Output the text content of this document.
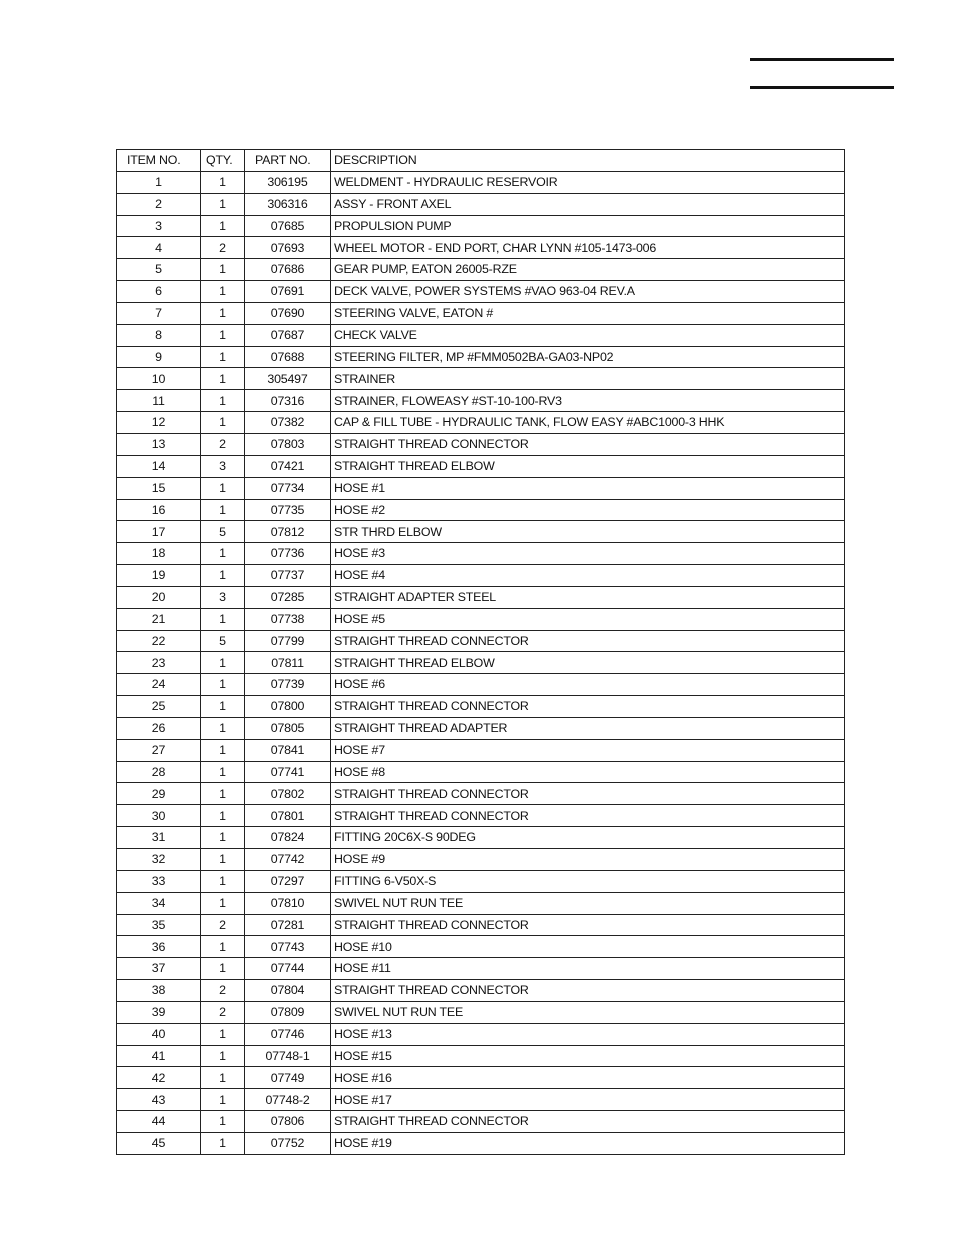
ITEM NO.	QTY.	PART NO.	DESCRIPTION
1	1	306195	WELDMENT - HYDRAULIC RESERVOIR
2	1	306316	ASSY - FRONT AXEL
3	1	07685	PROPULSION PUMP
4	2	07693	WHEEL MOTOR - END PORT, CHAR LYNN #105-1473-006
5	1	07686	GEAR PUMP, EATON 26005-RZE
6	1	07691	DECK VALVE, POWER SYSTEMS #VAO 963-04 REV.A
7	1	07690	STEERING VALVE, EATON #
8	1	07687	CHECK VALVE
9	1	07688	STEERING FILTER, MP #FMM0502BA-GA03-NP02
10	1	305497	STRAINER
11	1	07316	STRAINER, FLOWEASY #ST-10-100-RV3
12	1	07382	CAP & FILL TUBE - HYDRAULIC TANK, FLOW EASY #ABC1000-3 HHK
13	2	07803	STRAIGHT THREAD CONNECTOR
14	3	07421	STRAIGHT THREAD ELBOW
15	1	07734	HOSE #1
16	1	07735	HOSE #2
17	5	07812	STR THRD ELBOW
18	1	07736	HOSE #3
19	1	07737	HOSE #4
20	3	07285	STRAIGHT ADAPTER STEEL
21	1	07738	HOSE #5
22	5	07799	STRAIGHT THREAD CONNECTOR
23	1	07811	STRAIGHT THREAD ELBOW
24	1	07739	HOSE #6
25	1	07800	STRAIGHT THREAD CONNECTOR
26	1	07805	STRAIGHT THREAD ADAPTER
27	1	07841	HOSE #7
28	1	07741	HOSE #8
29	1	07802	STRAIGHT THREAD CONNECTOR
30	1	07801	STRAIGHT THREAD CONNECTOR
31	1	07824	FITTING 20C6X-S 90DEG
32	1	07742	HOSE #9
33	1	07297	FITTING 6-V50X-S
34	1	07810	SWIVEL NUT RUN TEE
35	2	07281	STRAIGHT THREAD CONNECTOR
36	1	07743	HOSE #10
37	1	07744	HOSE #11
38	2	07804	STRAIGHT THREAD CONNECTOR
39	2	07809	SWIVEL NUT RUN TEE
40	1	07746	HOSE #13
41	1	07748-1	HOSE #15
42	1	07749	HOSE #16
43	1	07748-2	HOSE #17
44	1	07806	STRAIGHT THREAD CONNECTOR
45	1	07752	HOSE #19
